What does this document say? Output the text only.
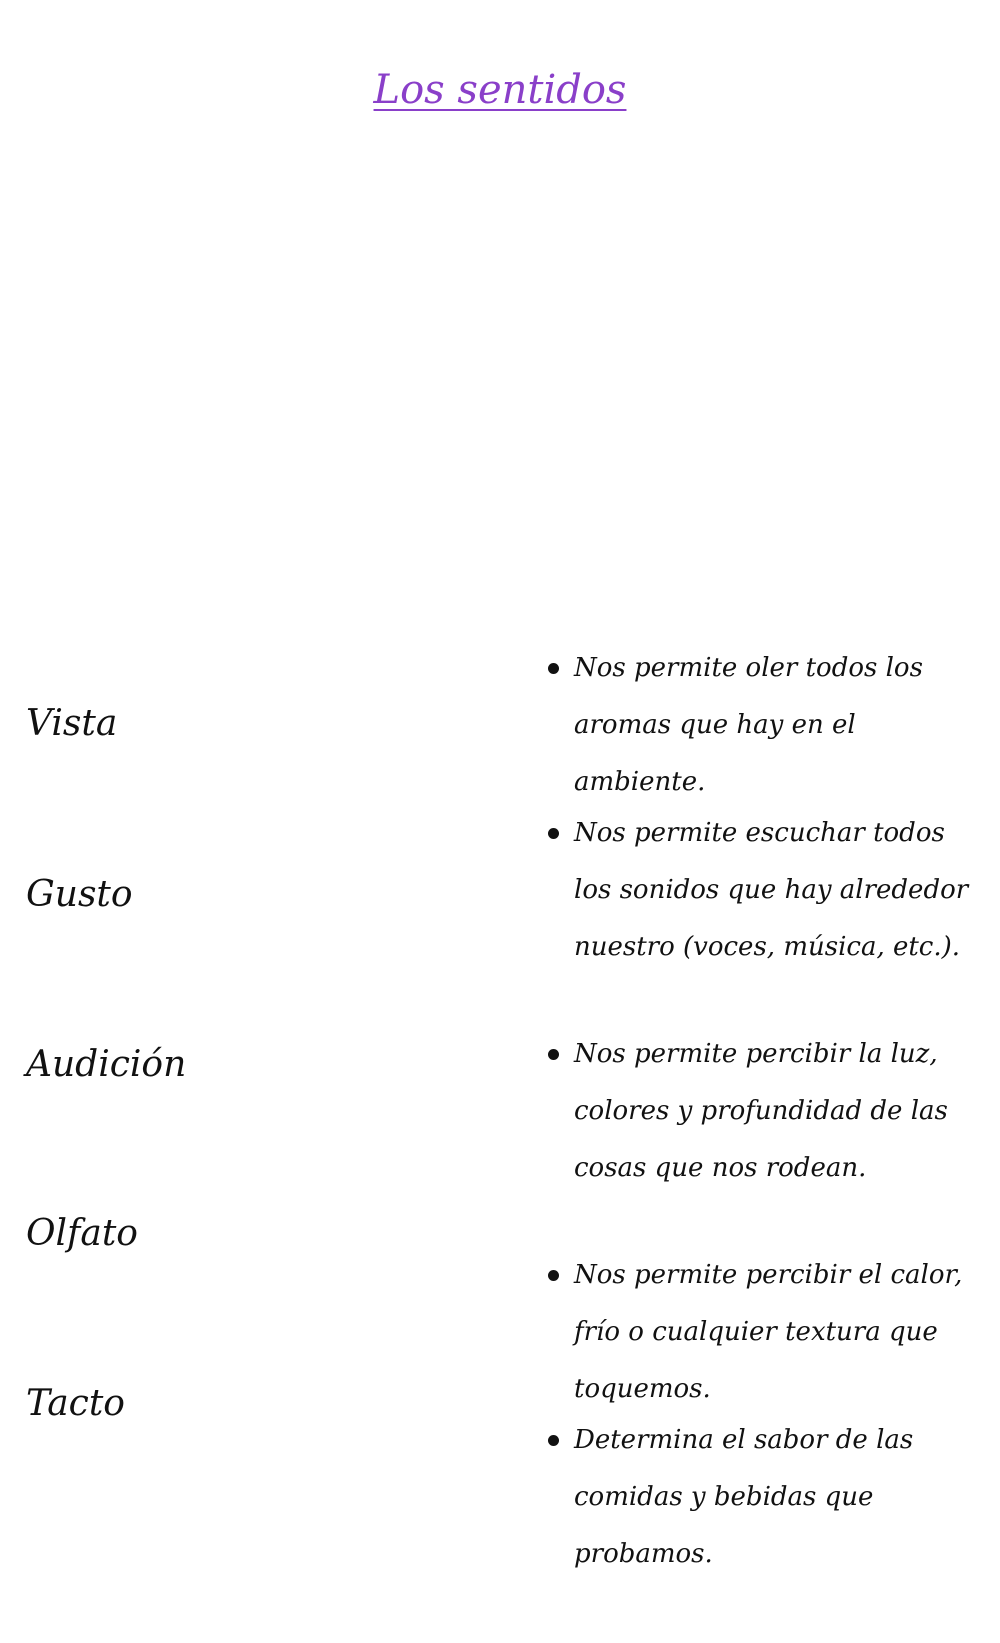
Los sentidos
Vista
Gusto
Audición
Olfato
Tacto
Nos permite oler todos los aromas que hay en el ambiente.
Nos permite escuchar todos los sonidos que hay alrededor nuestro (voces, música, etc.).
Nos permite percibir la luz, colores y profundidad de las cosas que nos rodean.
Nos permite percibir el calor, frío o cualquier textura que toquemos.
Determina el sabor de las comidas y bebidas que probamos.
